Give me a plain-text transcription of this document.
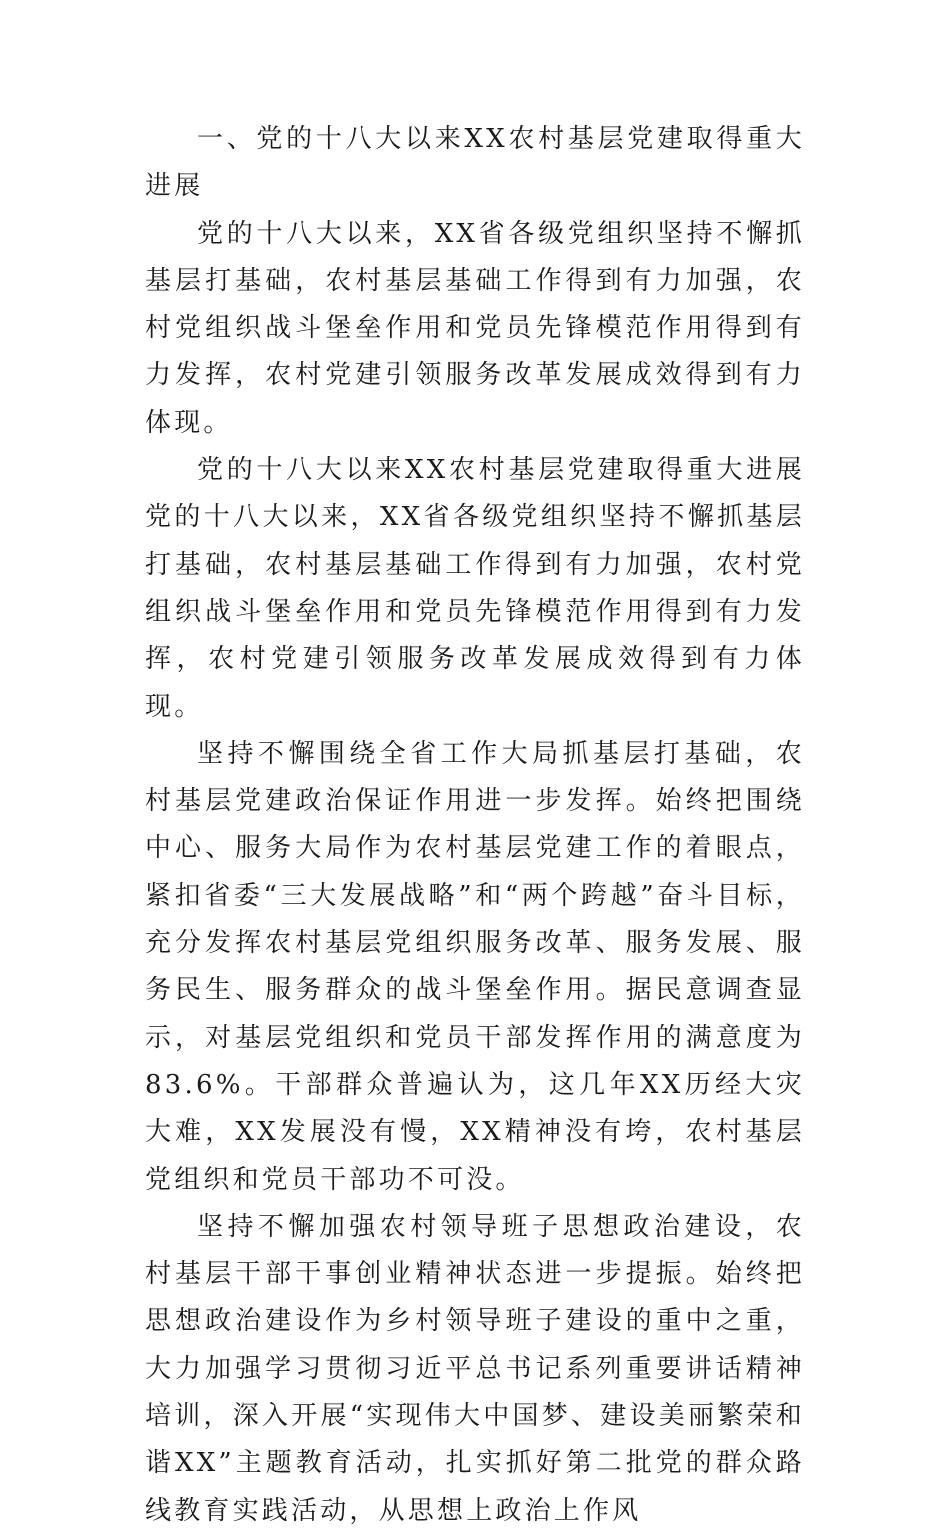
一、党的十八大以来XX农村基层党建取得重大进展

党的十八大以来，XX省各级党组织坚持不懈抓基层打基础，农村基层基础工作得到有力加强，农村党组织战斗堡垒作用和党员先锋模范作用得到有力发挥，农村党建引领服务改革发展成效得到有力体现。

党的十八大以来XX农村基层党建取得重大进展党的十八大以来，XX省各级党组织坚持不懈抓基层打基础，农村基层基础工作得到有力加强，农村党组织战斗堡垒作用和党员先锋模范作用得到有力发挥，农村党建引领服务改革发展成效得到有力体现。

坚持不懈围绕全省工作大局抓基层打基础，农村基层党建政治保证作用进一步发挥。始终把围绕中心、服务大局作为农村基层党建工作的着眼点，紧扣省委“三大发展战略”和“两个跨越”奋斗目标，充分发挥农村基层党组织服务改革、服务发展、服务民生、服务群众的战斗堡垒作用。据民意调查显示，对基层党组织和党员干部发挥作用的满意度为83.6%。干部群众普遍认为，这几年XX历经大灾大难，XX发展没有慢，XX精神没有垮，农村基层党组织和党员干部功不可没。

坚持不懈加强农村领导班子思想政治建设，农村基层干部干事创业精神状态进一步提振。始终把思想政治建设作为乡村领导班子建设的重中之重，大力加强学习贯彻习近平总书记系列重要讲话精神培训，深入开展“实现伟大中国梦、建设美丽繁荣和谐XX”主题教育活动，扎实抓好第二批党的群众路线教育实践活动，从思想上政治上作风
